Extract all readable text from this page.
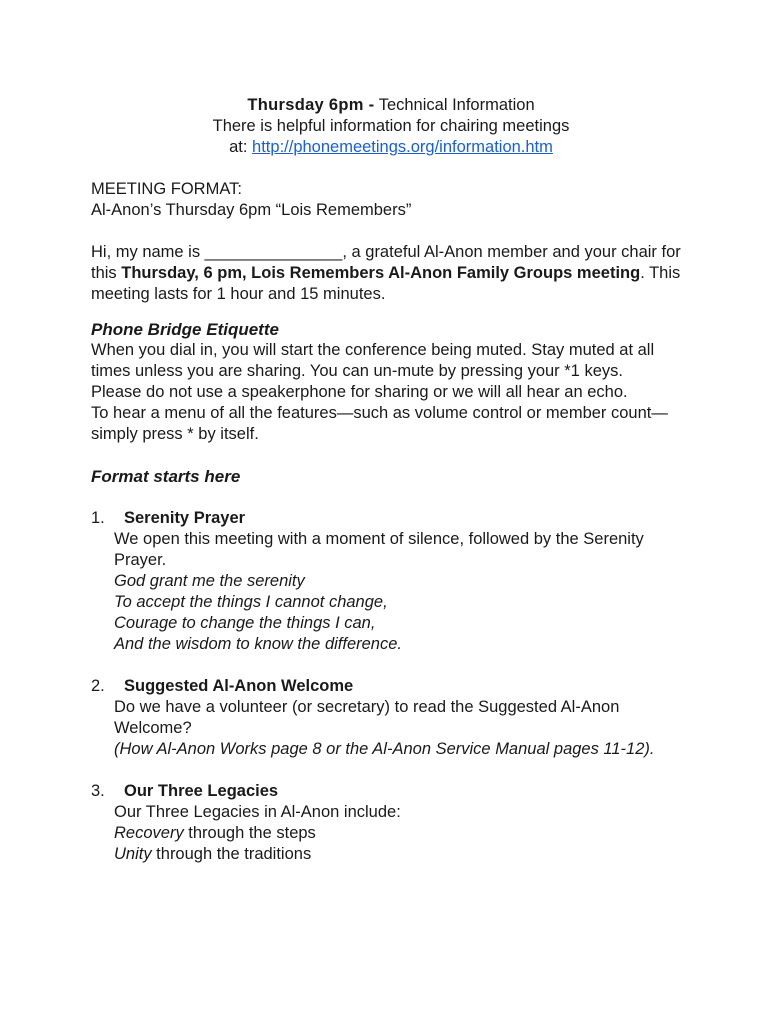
Thursday 6pm - Technical Information

There is helpful information for chairing meetings

at: http://phonemeetings.org/information.htm

MEETING FORMAT:

Al-Anon’s Thursday 6pm “Lois Remembers”

Hi, my name is _______________, a grateful Al-Anon member and your chair for this Thursday, 6 pm, Lois Remembers Al-Anon Family Groups meeting. This meeting lasts for 1 hour and 15 minutes.

Phone Bridge Etiquette

When you dial in, you will start the conference being muted. Stay muted at all times unless you are sharing. You can un-mute by pressing your *1 keys.

Please do not use a speakerphone for sharing or we will all hear an echo.

To hear a menu of all the features—such as volume control or member count—simply press * by itself.

Format starts here

1.	Serenity Prayer

We open this meeting with a moment of silence, followed by the Serenity Prayer.

God grant me the serenity

To accept the things I cannot change,

Courage to change the things I can,

And the wisdom to know the difference.

2.	Suggested Al-Anon Welcome

Do we have a volunteer (or secretary) to read the Suggested Al-Anon Welcome?

(How Al-Anon Works page 8 or the Al-Anon Service Manual pages 11-12).

3.	Our Three Legacies

Our Three Legacies in Al-Anon include:

Recovery through the steps

Unity through the traditions
